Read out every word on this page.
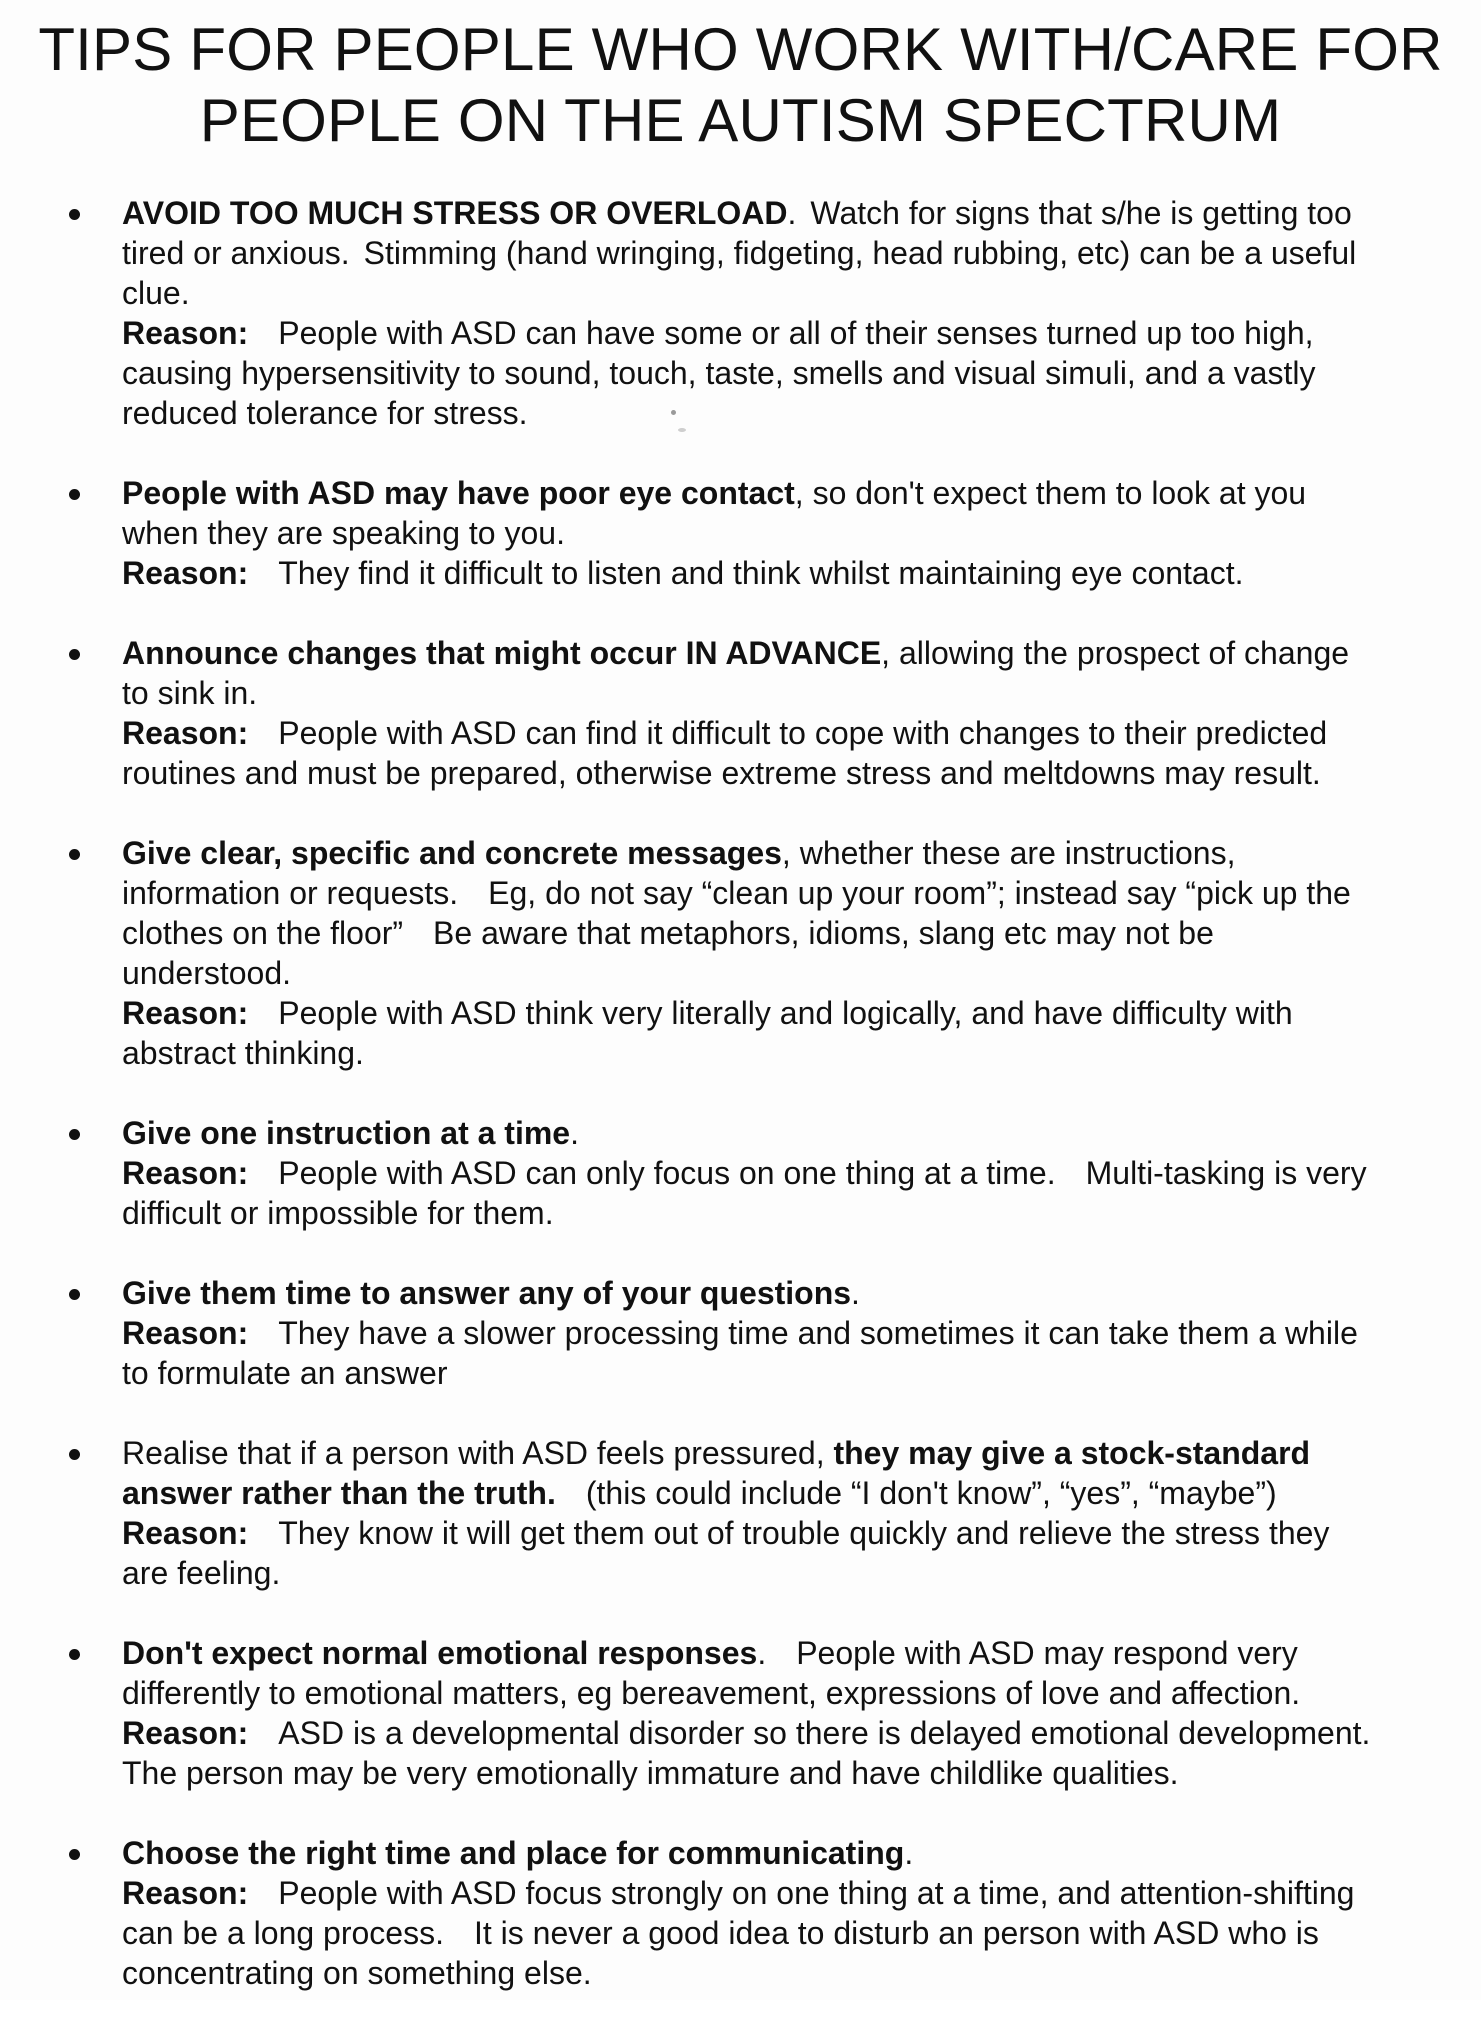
TIPS FOR PEOPLE WHO WORK WITH/CARE FOR
PEOPLE ON THE AUTISM SPECTRUM
AVOID TOO MUCH STRESS OR OVERLOAD. Watch for signs that s/he is getting too
tired or anxious. Stimming (hand wringing, fidgeting, head rubbing, etc) can be a useful
clue.
Reason: People with ASD can have some or all of their senses turned up too high,
causing hypersensitivity to sound, touch, taste, smells and visual simuli, and a vastly
reduced tolerance for stress.
People with ASD may have poor eye contact, so don't expect them to look at you
when they are speaking to you.
Reason: They find it difficult to listen and think whilst maintaining eye contact.
Announce changes that might occur IN ADVANCE, allowing the prospect of change
to sink in.
Reason: People with ASD can find it difficult to cope with changes to their predicted
routines and must be prepared, otherwise extreme stress and meltdowns may result.
Give clear, specific and concrete messages, whether these are instructions,
information or requests. Eg, do not say “clean up your room”; instead say “pick up the
clothes on the floor” Be aware that metaphors, idioms, slang etc may not be
understood.
Reason: People with ASD think very literally and logically, and have difficulty with
abstract thinking.
Give one instruction at a time.
Reason: People with ASD can only focus on one thing at a time. Multi-tasking is very
difficult or impossible for them.
Give them time to answer any of your questions.
Reason: They have a slower processing time and sometimes it can take them a while
to formulate an answer
Realise that if a person with ASD feels pressured, they may give a stock-standard
answer rather than the truth. (this could include “I don't know”, “yes”, “maybe”)
Reason: They know it will get them out of trouble quickly and relieve the stress they
are feeling.
Don't expect normal emotional responses. People with ASD may respond very
differently to emotional matters, eg bereavement, expressions of love and affection.
Reason: ASD is a developmental disorder so there is delayed emotional development.
The person may be very emotionally immature and have childlike qualities.
Choose the right time and place for communicating.
Reason: People with ASD focus strongly on one thing at a time, and attention-shifting
can be a long process. It is never a good idea to disturb an person with ASD who is
concentrating on something else.
